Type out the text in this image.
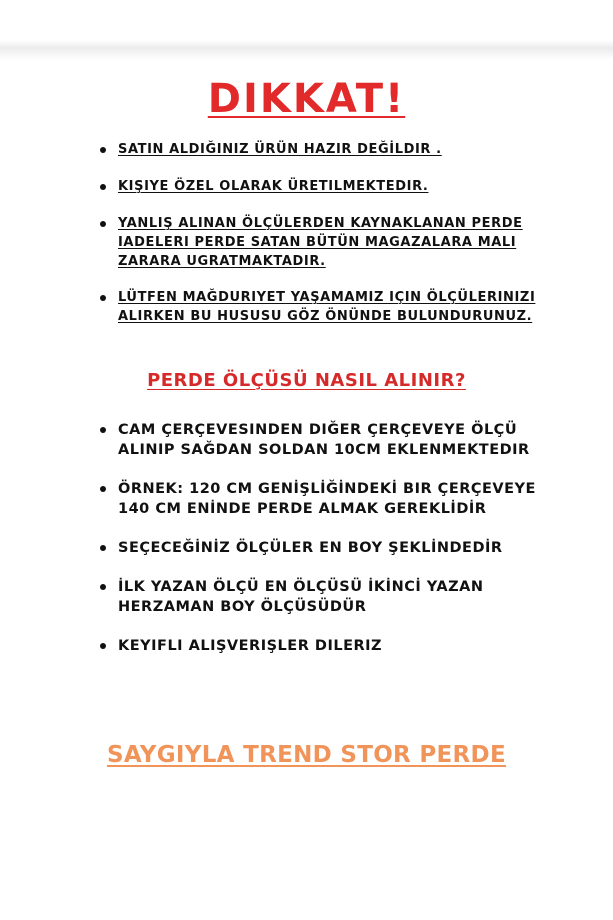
DIKKAT!
SATIN ALDIĞINIZ ÜRÜN HAZIR DEĞİLDIR .
KIŞIYE ÖZEL OLARAK ÜRETILMEKTEDIR.
YANLIŞ ALINAN ÖLÇÜLERDEN KAYNAKLANAN PERDE IADELERI PERDE SATAN BÜTÜN MAGAZALARA MALI ZARARA UGRATMAKTADIR.
LÜTFEN MAĞDURIYET YAŞAMAMIZ IÇIN ÖLÇÜLERINIZI ALIRKEN BU HUSUSU GÖZ ÖNÜNDE BULUNDURUNUZ.
PERDE ÖLÇÜSÜ NASIL ALINIR?
CAM ÇERÇEVESINDEN DIĞER ÇERÇEVEYE ÖLÇÜ ALINIP SAĞDAN SOLDAN 10CM EKLENMEKTEDIR
ÖRNEK: 120 CM GENİŞLİĞİNDEKİ BIR ÇERÇEVEYE 140 CM ENİNDE PERDE ALMAK GEREKLİDİR
SEÇECEĞİNİZ ÖLÇÜLER EN BOY ŞEKLİNDEDİR
İLK YAZAN ÖLÇÜ EN ÖLÇÜSÜ İKİNCİ YAZAN HERZAMAN BOY ÖLÇÜSÜDÜR
KEYIFLI ALIŞVERIŞLER DILERIZ
SAYGIYLA TREND STOR PERDE
